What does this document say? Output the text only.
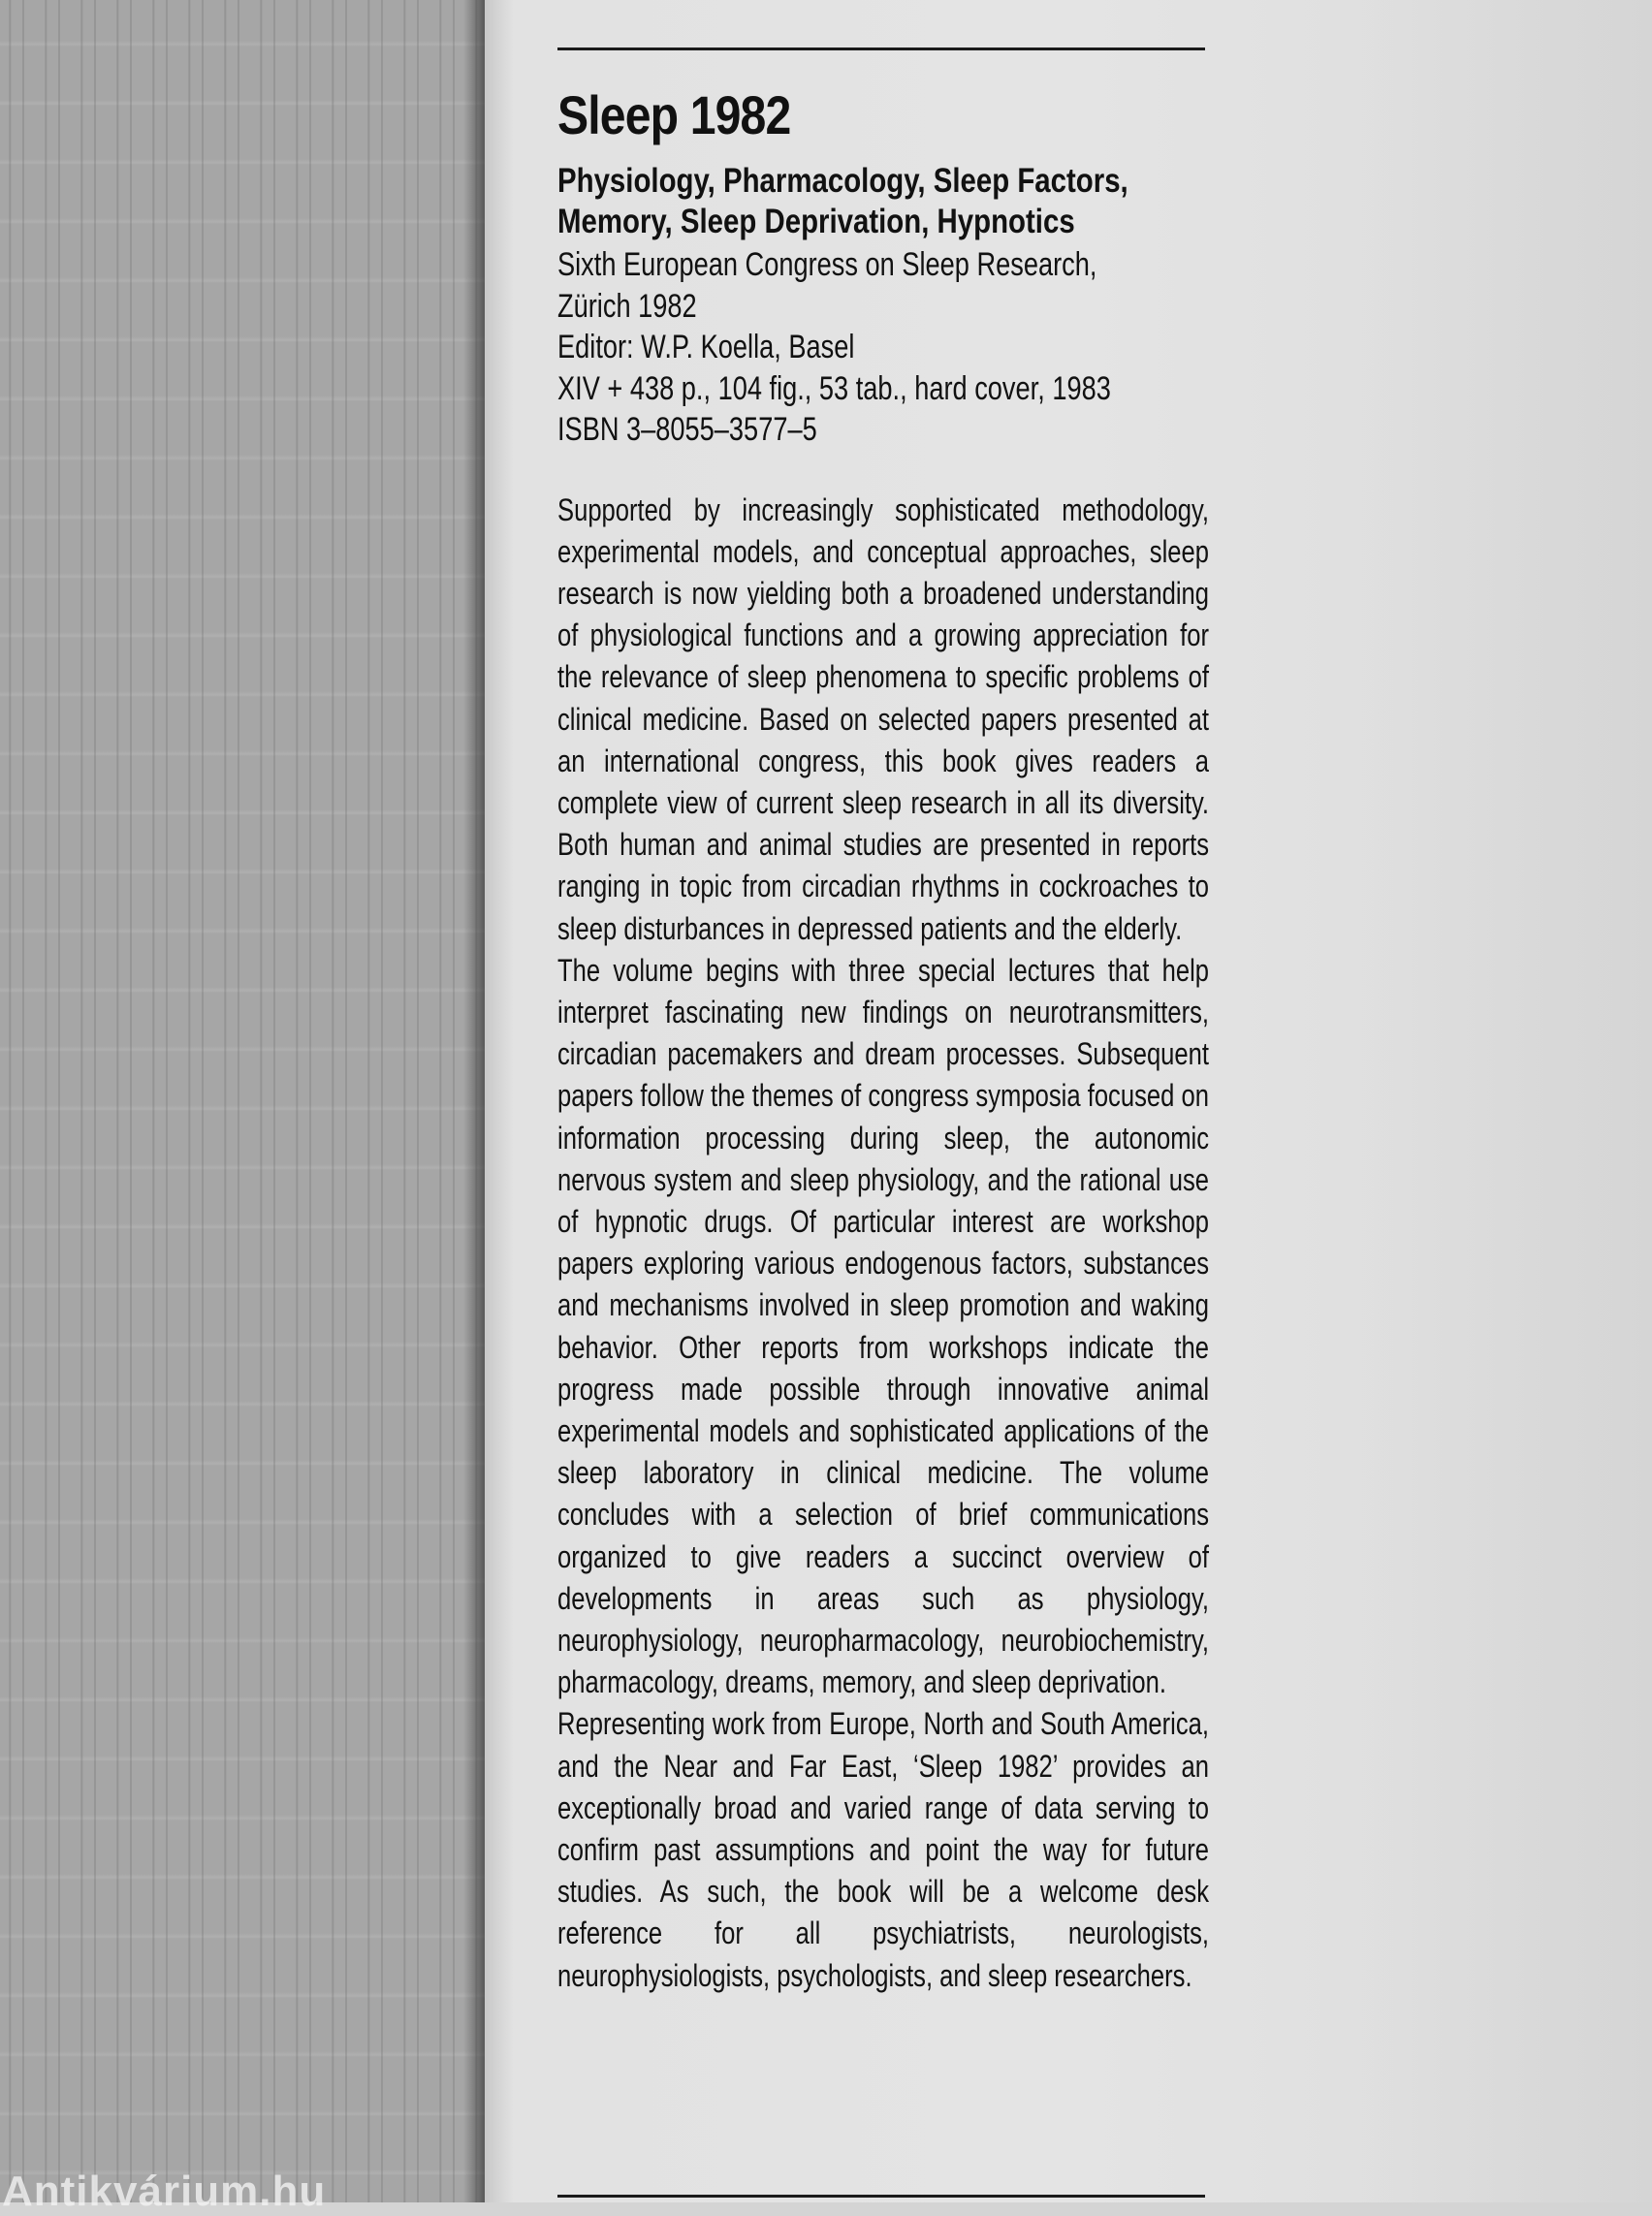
Sleep 1982
Physiology, Pharmacology, Sleep Factors,
Memory, Sleep Deprivation, Hypnotics
Sixth European Congress on Sleep Research,
Zürich 1982
Editor: W.P. Koella, Basel
XIV + 438 p., 104 fig., 53 tab., hard cover, 1983
ISBN 3–8055–3577–5

Supported by increasingly sophisticated methodology, experimental models, and conceptual approaches, sleep research is now yielding both a broadened understanding of physiological functions and a growing appreciation for the relevance of sleep phenomena to specific problems of clinical medicine. Based on selected papers presented at an international congress, this book gives readers a complete view of current sleep research in all its diversity. Both human and animal studies are presented in reports ranging in topic from circadian rhythms in cockroaches to sleep disturbances in depressed patients and the elderly.

The volume begins with three special lectures that help interpret fascinating new findings on neurotransmitters, circadian pacemakers and dream processes. Subsequent papers follow the themes of congress symposia focused on information processing during sleep, the autonomic nervous system and sleep physiology, and the rational use of hypnotic drugs. Of particular interest are workshop papers exploring various endogenous factors, substances and mechanisms involved in sleep promotion and waking behavior. Other reports from workshops indicate the progress made possible through innovative animal experimental models and sophisticated applications of the sleep laboratory in clinical medicine. The volume concludes with a selection of brief communications organized to give readers a succinct overview of developments in areas such as physiology, neurophysiology, neuropharmacology, neurobiochemistry, pharmacology, dreams, memory, and sleep deprivation.

Representing work from Europe, North and South America, and the Near and Far East, ‘Sleep 1982’ provides an exceptionally broad and varied range of data serving to confirm past assumptions and point the way for future studies. As such, the book will be a welcome desk reference for all psychiatrists, neurologists, neurophysiologists, psychologists, and sleep researchers.

Antikvárium.hu
